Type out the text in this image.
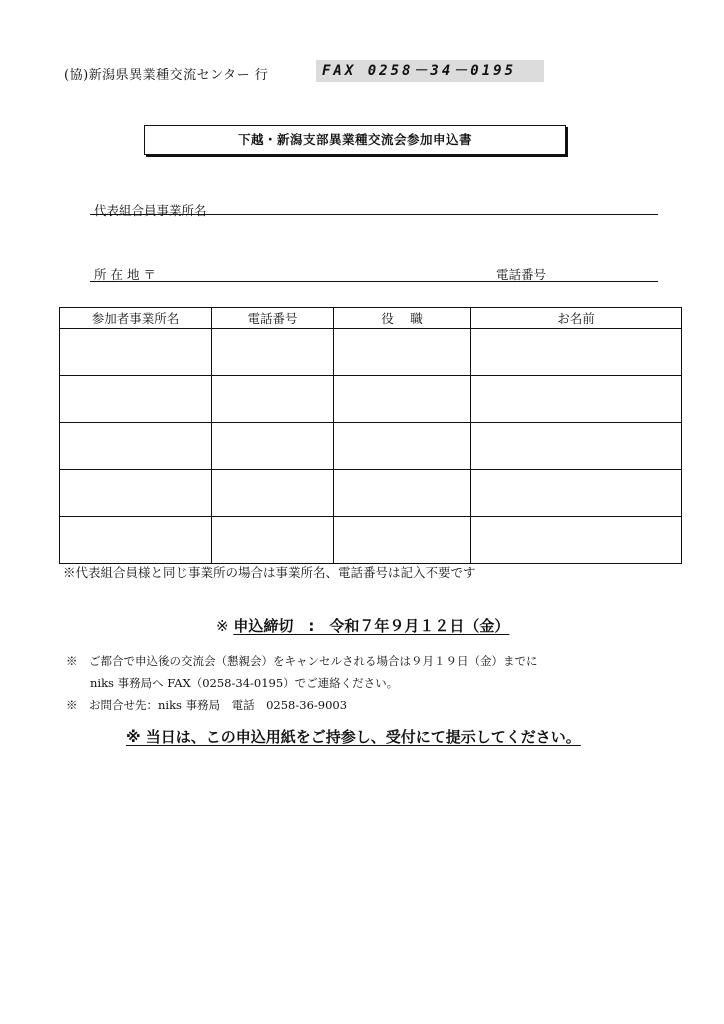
(協)新潟県異業種交流センター 行	FAX 0258－34－0195
下越・新潟支部異業種交流会参加申込書
代表組合員事業所名
所 在 地 〒	電話番号
参加者事業所名	電話番号	役　 職	お名前

※代表組合員様と同じ事業所の場合は事業所名、電話番号は記入不要です
※ 申込締切　:　令和７年９月１２日（金）
※　ご都合で申込後の交流会（懇親会）をキャンセルされる場合は９月１９日（金）までに
niks 事務局へ FAX（0258-34-0195）でご連絡ください。
※　お問合せ先：niks 事務局　電話　0258-36-9003
※ 当日は、この申込用紙をご持参し、受付にて提示してください。
